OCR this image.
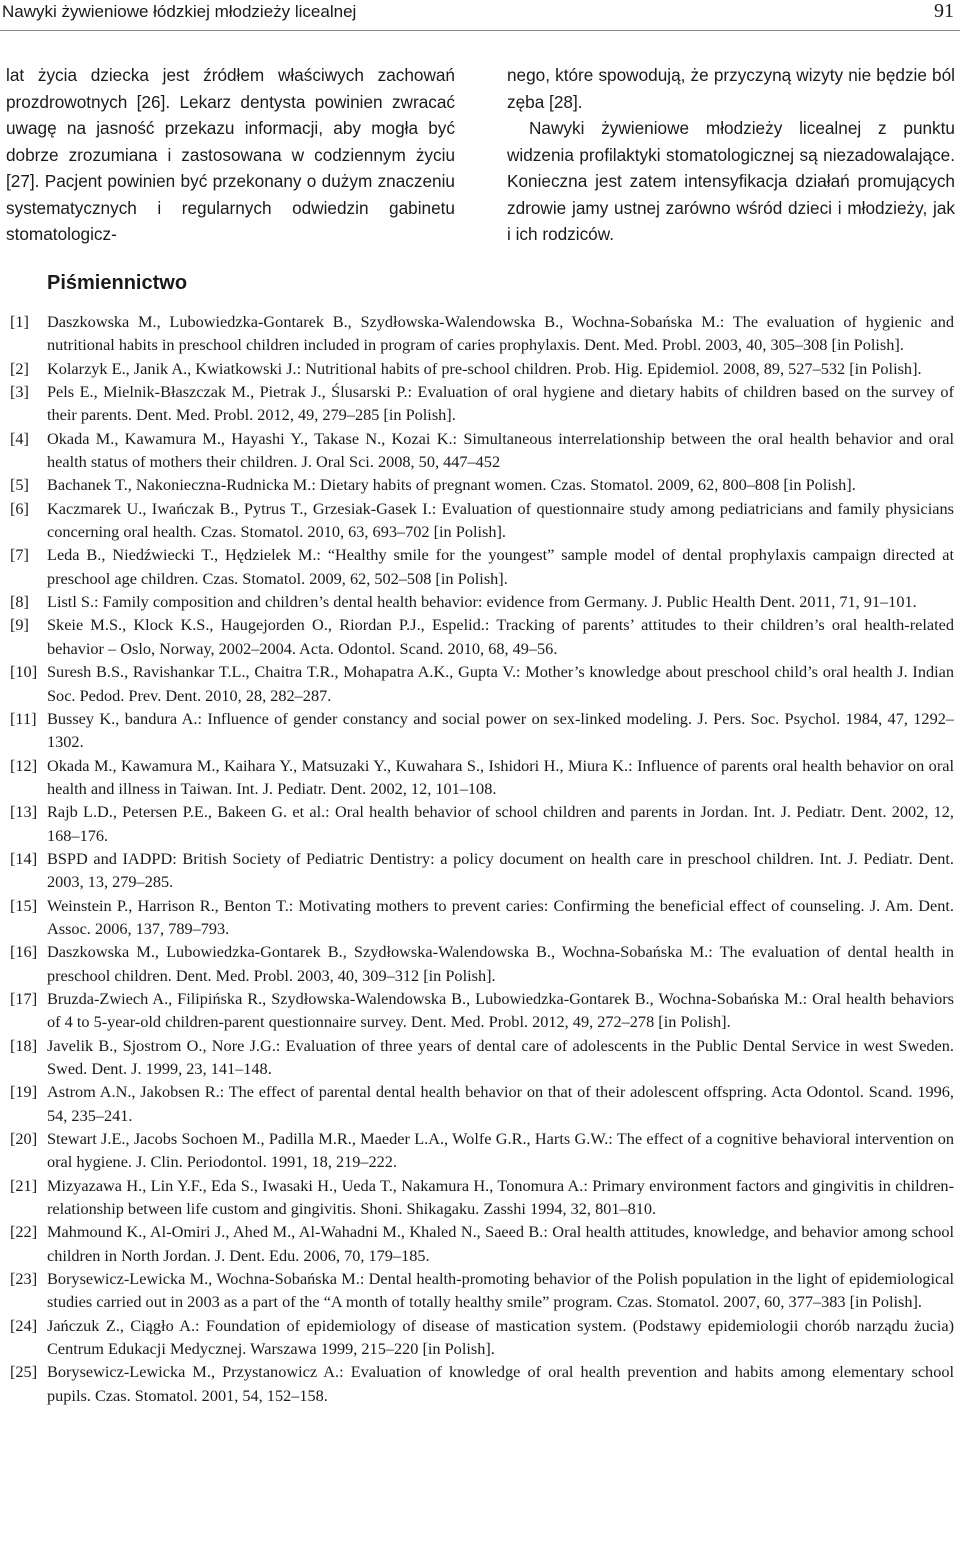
Nawyki żywieniowe łódzkiej młodzieży licealnej	91

lat życia dziecka jest źródłem właściwych zachowań prozdrowotnych [26]. Lekarz dentysta powinien zwracać uwagę na jasność przekazu informacji, aby mogła być dobrze zrozumiana i zastosowana w codziennym życiu [27]. Pacjent powinien być przekonany o dużym znaczeniu systematycznych i regularnych odwiedzin gabinetu stomatologicz-

nego, które spowodują, że przyczyną wizyty nie będzie ból zęba [28].

Nawyki żywieniowe młodzieży licealnej z punktu widzenia profilaktyki stomatologicznej są niezadowalające. Konieczna jest zatem intensyfikacja działań promujących zdrowie jamy ustnej zarówno wśród dzieci i młodzieży, jak i ich rodziców.

Piśmiennictwo
[1]	Daszkowska M., Lubowiedzka-Gontarek B., Szydłowska-Walendowska B., Wochna-Sobańska M.: The evaluation of hygienic and nutritional habits in preschool children included in program of caries prophylaxis. Dent. Med. Probl. 2003, 40, 305–308 [in Polish].
[2]	Kolarzyk E., Janik A., Kwiatkowski J.: Nutritional habits of pre-school children. Prob. Hig. Epidemiol. 2008, 89, 527–532 [in Polish].
[3]	Pels E., Mielnik-Błaszczak M., Pietrak J., Ślusarski P.: Evaluation of oral hygiene and dietary habits of children based on the survey of their parents. Dent. Med. Probl. 2012, 49, 279–285 [in Polish].
[4]	Okada M., Kawamura M., Hayashi Y., Takase N., Kozai K.: Simultaneous interrelationship between the oral health behavior and oral health status of mothers their children. J. Oral Sci. 2008, 50, 447–452
[5]	Bachanek T., Nakonieczna-Rudnicka M.: Dietary habits of pregnant women. Czas. Stomatol. 2009, 62, 800–808 [in Polish].
[6]	Kaczmarek U., Iwańczak B., Pytrus T., Grzesiak-Gasek I.: Evaluation of questionnaire study among pediatricians and family physicians concerning oral health. Czas. Stomatol. 2010, 63, 693–702 [in Polish].
[7]	Leda B., Niedźwiecki T., Hędzielek M.: “Healthy smile for the youngest” sample model of dental prophylaxis campaign directed at preschool age children. Czas. Stomatol. 2009, 62, 502–508 [in Polish].
[8]	Listl S.: Family composition and children’s dental health behavior: evidence from Germany. J. Public Health Dent. 2011, 71, 91–101.
[9]	Skeie M.S., Klock K.S., Haugejorden O., Riordan P.J., Espelid.: Tracking of parents’ attitudes to their children’s oral health-related behavior – Oslo, Norway, 2002–2004. Acta. Odontol. Scand. 2010, 68, 49–56.
[10] Suresh B.S., Ravishankar T.L., Chaitra T.R., Mohapatra A.K., Gupta V.: Mother’s knowledge about preschool child’s oral health J. Indian Soc. Pedod. Prev. Dent. 2010, 28, 282–287.
[11] Bussey K., bandura A.: Influence of gender constancy and social power on sex-linked modeling. J. Pers. Soc. Psychol. 1984, 47, 1292–1302.
[12] Okada M., Kawamura M., Kaihara Y., Matsuzaki Y., Kuwahara S., Ishidori H., Miura K.: Influence of parents oral health behavior on oral health and illness in Taiwan. Int. J. Pediatr. Dent. 2002, 12, 101–108.
[13] Rajb L.D., Petersen P.E., Bakeen G. et al.: Oral health behavior of school children and parents in Jordan. Int. J. Pediatr. Dent. 2002, 12, 168–176.
[14] BSPD and IADPD: British Society of Pediatric Dentistry: a policy document on health care in preschool children. Int. J. Pediatr. Dent. 2003, 13, 279–285.
[15] Weinstein P., Harrison R., Benton T.: Motivating mothers to prevent caries: Confirming the beneficial effect of counseling. J. Am. Dent. Assoc. 2006, 137, 789–793.
[16] Daszkowska M., Lubowiedzka-Gontarek B., Szydłowska-Walendowska B., Wochna-Sobańska M.: The evaluation of dental health in preschool children. Dent. Med. Probl. 2003, 40, 309–312 [in Polish].
[17] Bruzda-Zwiech A., Filipińska R., Szydłowska-Walendowska B., Lubowiedzka-Gontarek B., Wochna-Sobańska M.: Oral health behaviors of 4 to 5-year-old children-parent questionnaire survey. Dent. Med. Probl. 2012, 49, 272–278 [in Polish].
[18] Javelik B., Sjostrom O., Nore J.G.: Evaluation of three years of dental care of adolescents in the Public Dental Service in west Sweden. Swed. Dent. J. 1999, 23, 141–148.
[19] Astrom A.N., Jakobsen R.: The effect of parental dental health behavior on that of their adolescent offspring. Acta Odontol. Scand. 1996, 54, 235–241.
[20] Stewart J.E., Jacobs Sochoen M., Padilla M.R., Maeder L.A., Wolfe G.R., Harts G.W.: The effect of a cognitive behavioral intervention on oral hygiene. J. Clin. Periodontol. 1991, 18, 219–222.
[21] Mizyazawa H., Lin Y.F., Eda S., Iwasaki H., Ueda T., Nakamura H., Tonomura A.: Primary environment factors and gingivitis in children-relationship between life custom and gingivitis. Shoni. Shikagaku. Zasshi 1994, 32, 801–810.
[22] Mahmound K., Al-Omiri J., Ahed M., Al-Wahadni M., Khaled N., Saeed B.: Oral health attitudes, knowledge, and behavior among school children in North Jordan. J. Dent. Edu. 2006, 70, 179–185.
[23] Borysewicz-Lewicka M., Wochna-Sobańska M.: Dental health-promoting behavior of the Polish population in the light of epidemiological studies carried out in 2003 as a part of the “A month of totally healthy smile” program. Czas. Stomatol. 2007, 60, 377–383 [in Polish].
[24] Jańczuk Z., Ciągło A.: Foundation of epidemiology of disease of mastication system. (Podstawy epidemiologii chorób narządu żucia) Centrum Edukacji Medycznej. Warszawa 1999, 215–220 [in Polish].
[25] Borysewicz-Lewicka M., Przystanowicz A.: Evaluation of knowledge of oral health prevention and habits among elementary school pupils. Czas. Stomatol. 2001, 54, 152–158.
